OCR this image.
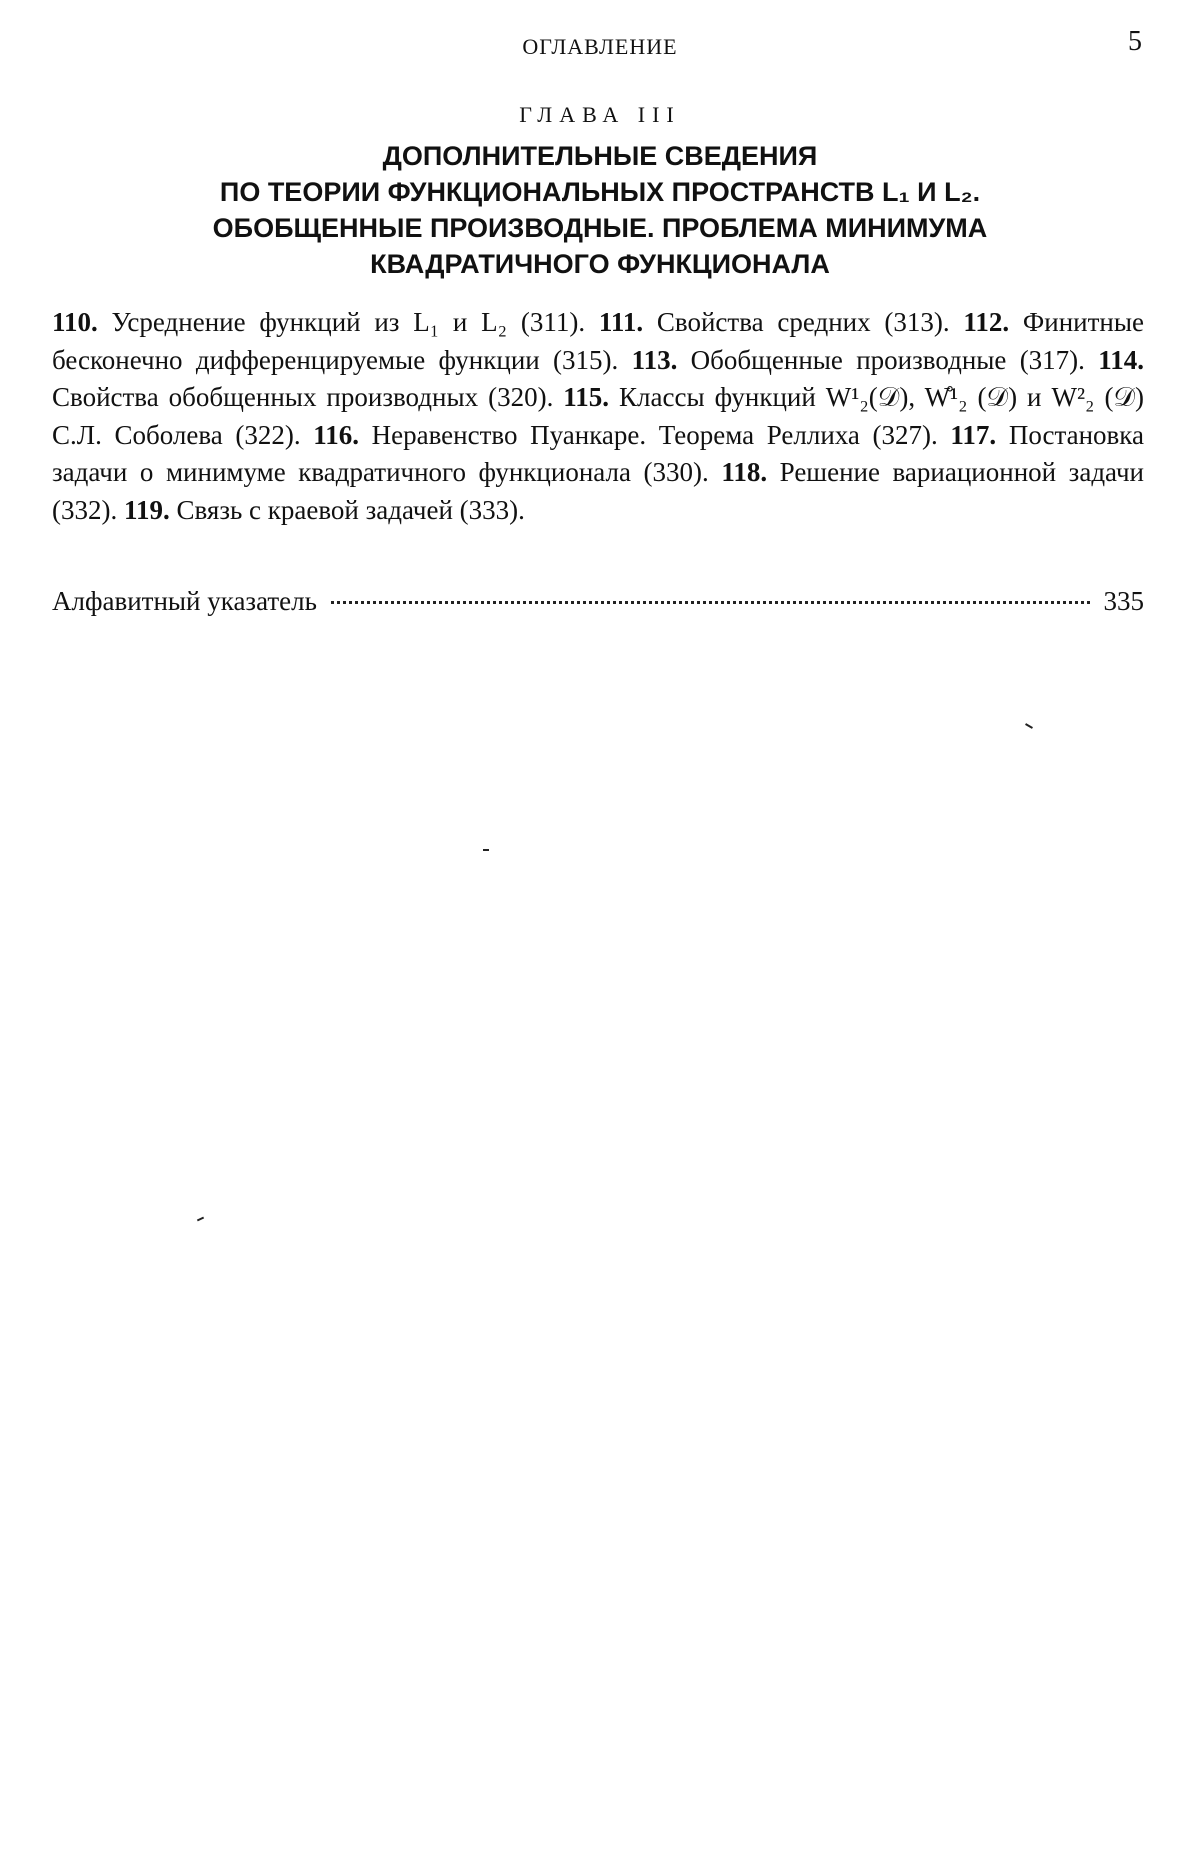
ОГЛАВЛЕНИЕ	5
ГЛАВА III
ДОПОЛНИТЕЛЬНЫЕ СВЕДЕНИЯ
ПО ТЕОРИИ ФУНКЦИОНАЛЬНЫХ ПРОСТРАНСТВ L₁ И L₂.
ОБОБЩЕННЫЕ ПРОИЗВОДНЫЕ. ПРОБЛЕМА МИНИМУМА
КВАДРАТИЧНОГО ФУНКЦИОНАЛА

110. Усреднение функций из L₁ и L₂ (311). 111. Свойства средних (313). 112. Финитные бесконечно дифференцируемые функции (315). 113. Обобщенные производные (317). 114. Свойства обобщенных производных (320). 115. Классы функций W¹₂(𝒟), W̊¹₂ (𝒟) и W²₂ (𝒟) С.Л. Соболева (322). 116. Неравенство Пуанкаре. Теорема Реллиха (327). 117. Постановка задачи о минимуме квадратичного функционала (330). 118. Решение вариационной задачи (332). 119. Связь с краевой задачей (333).

Алфавитный указатель	335
